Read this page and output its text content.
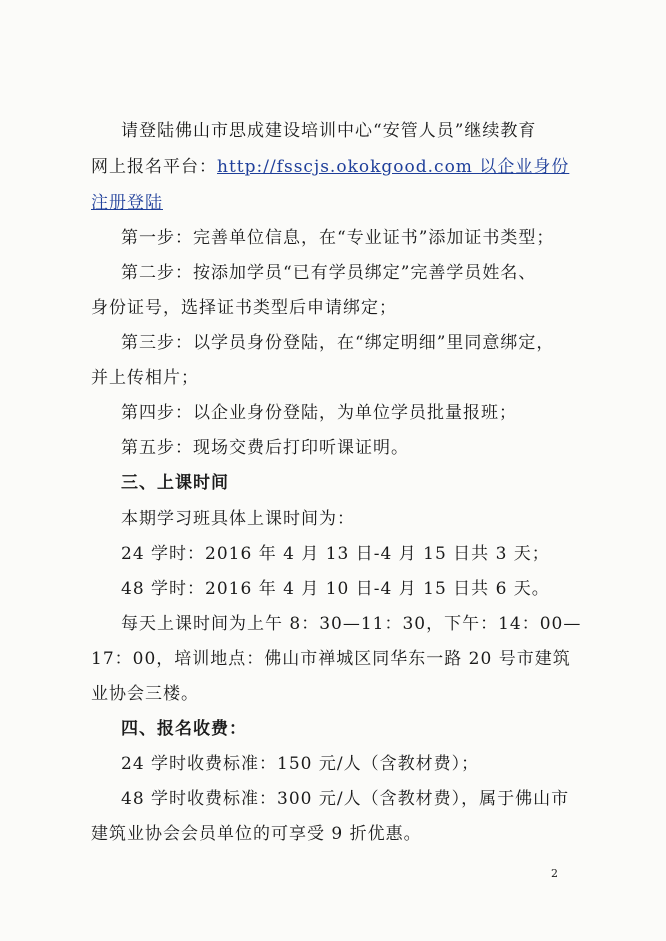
请登陆佛山市思成建设培训中心“安管人员”继续教育
网上报名平台：http://fsscjs.okokgood.com 以企业身份
注册登陆
第一步：完善单位信息，在“专业证书”添加证书类型；
第二步：按添加学员“已有学员绑定”完善学员姓名、
身份证号，选择证书类型后申请绑定；
第三步：以学员身份登陆，在“绑定明细”里同意绑定，
并上传相片；
第四步：以企业身份登陆，为单位学员批量报班；
第五步：现场交费后打印听课证明。
三、上课时间
本期学习班具体上课时间为：
24 学时：2016 年 4 月 13 日-4 月 15 日共 3 天；
48 学时：2016 年 4 月 10 日-4 月 15 日共 6 天。
每天上课时间为上午 8：30—11：30，下午：14：00—
17：00，培训地点：佛山市禅城区同华东一路 20 号市建筑
业协会三楼。
四、报名收费：
24 学时收费标准：150 元/人（含教材费）；
48 学时收费标准：300 元/人（含教材费），属于佛山市
建筑业协会会员单位的可享受 9 折优惠。
2
